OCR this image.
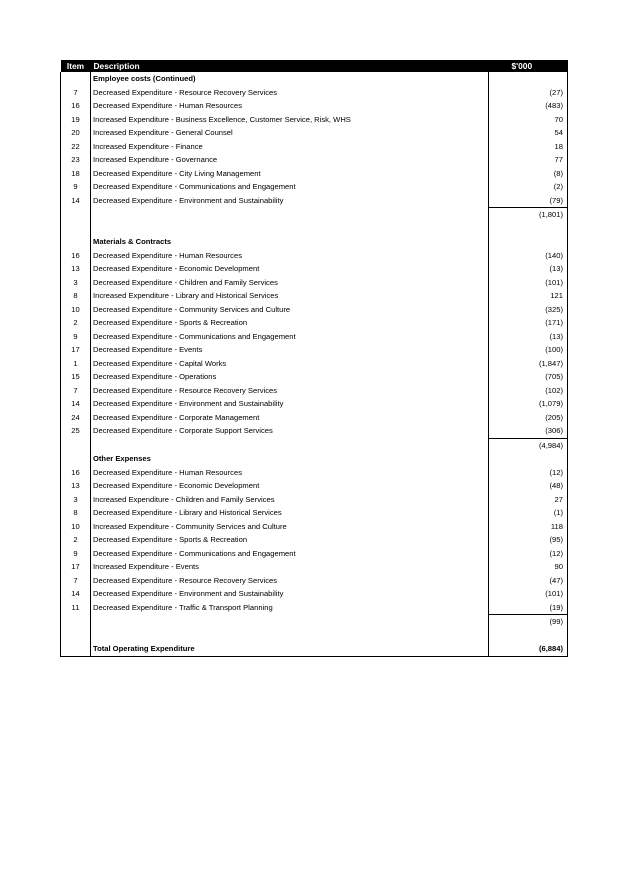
Item	Description	$'000
	Employee costs (Continued)	
7	Decreased Expenditure - Resource Recovery Services	(27)
16	Decreased Expenditure - Human Resources	(483)
19	Increased Expenditure - Business Excellence, Customer Service, Risk, WHS	70
20	Increased Expenditure - General Counsel	54
22	Increased Expenditure - Finance	18
23	Increased Expenditure - Governance	77
18	Decreased Expenditure - City Living Management	(8)
9	Decreased Expenditure - Communications and Engagement	(2)
14	Decreased Expenditure - Environment and Sustainability	(79)
		(1,801)

	Materials & Contracts	
16	Decreased Expenditure - Human Resources	(140)
13	Decreased Expenditure - Economic Development	(13)
3	Decreased Expenditure - Children and Family Services	(101)
8	Increased Expenditure - Library and Historical Services	121
10	Decreased Expenditure - Community Services and Culture	(325)
2	Decreased Expenditure - Sports & Recreation	(171)
9	Decreased Expenditure - Communications and Engagement	(13)
17	Decreased Expenditure - Events	(100)
1	Decreased Expenditure - Capital Works	(1,847)
15	Decreased Expenditure - Operations	(705)
7	Decreased Expenditure - Resource Recovery Services	(102)
14	Decreased Expenditure - Environment and Sustainability	(1,079)
24	Decreased Expenditure - Corporate Management	(205)
25	Decreased Expenditure - Corporate Support Services	(306)
		(4,984)
	Other Expenses	
16	Decreased Expenditure - Human Resources	(12)
13	Decreased Expenditure - Economic Development	(48)
3	Increased Expenditure - Children and Family Services	27
8	Decreased Expenditure - Library and Historical Services	(1)
10	Increased Expenditure - Community Services and Culture	118
2	Decreased Expenditure - Sports & Recreation	(95)
9	Decreased Expenditure - Communications and Engagement	(12)
17	Increased Expenditure - Events	90
7	Decreased Expenditure - Resource Recovery Services	(47)
14	Decreased Expenditure - Environment and Sustainability	(101)
11	Decreased Expenditure - Traffic & Transport Planning	(19)
		(99)

	Total Operating Expenditure	(6,884)
